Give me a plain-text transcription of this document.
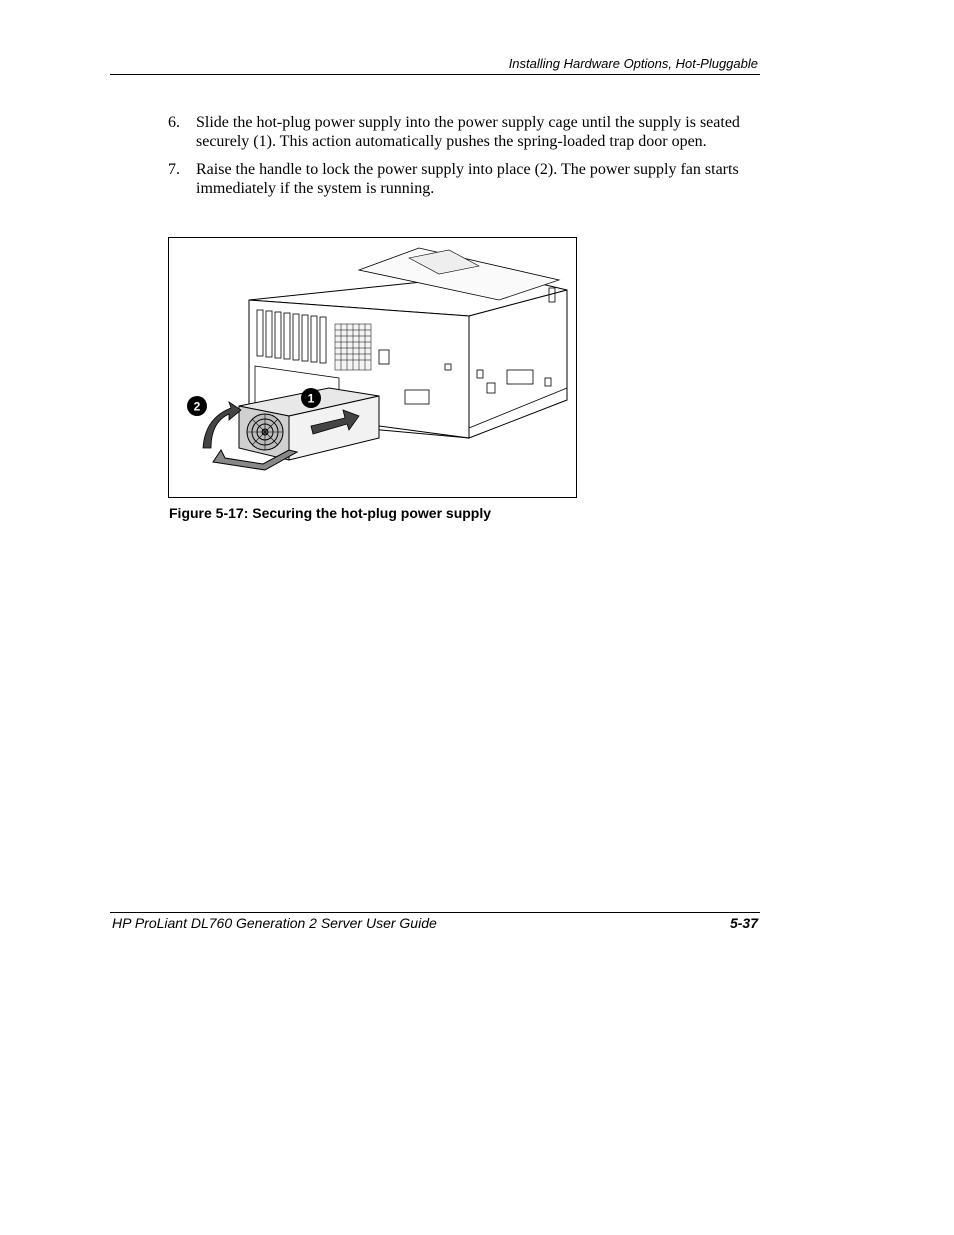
Installing Hardware Options, Hot-Pluggable
6. Slide the hot-plug power supply into the power supply cage until the supply is seated securely (1). This action automatically pushes the spring-loaded trap door open.
7. Raise the handle to lock the power supply into place (2). The power supply fan starts immediately if the system is running.
1
2
Figure 5-17: Securing the hot-plug power supply
HP ProLiant DL760 Generation 2 Server User Guide	5-37
